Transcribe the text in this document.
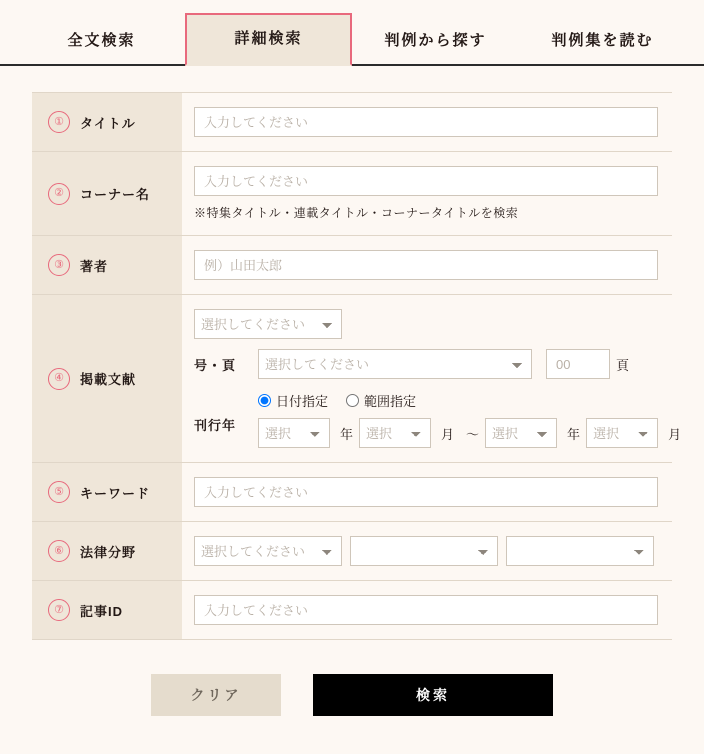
全文検索	詳細検索	判例から探す	判例集を読む
①	タイトル
入力してください
②	コーナー名
入力してください
※特集タイトル・連載タイトル・コーナータイトルを検索
③	著者
例）山田太郎
④	掲載文献
選択してください
号・頁
選択してください
00	頁
刊行年
日付指定	範囲指定
選択
年
選択	月 ～
選択	年
選択	月
⑤	キーワード
入力してください
⑥	法律分野
選択してください
⑦	記事ID
入力してください
クリア	検索
